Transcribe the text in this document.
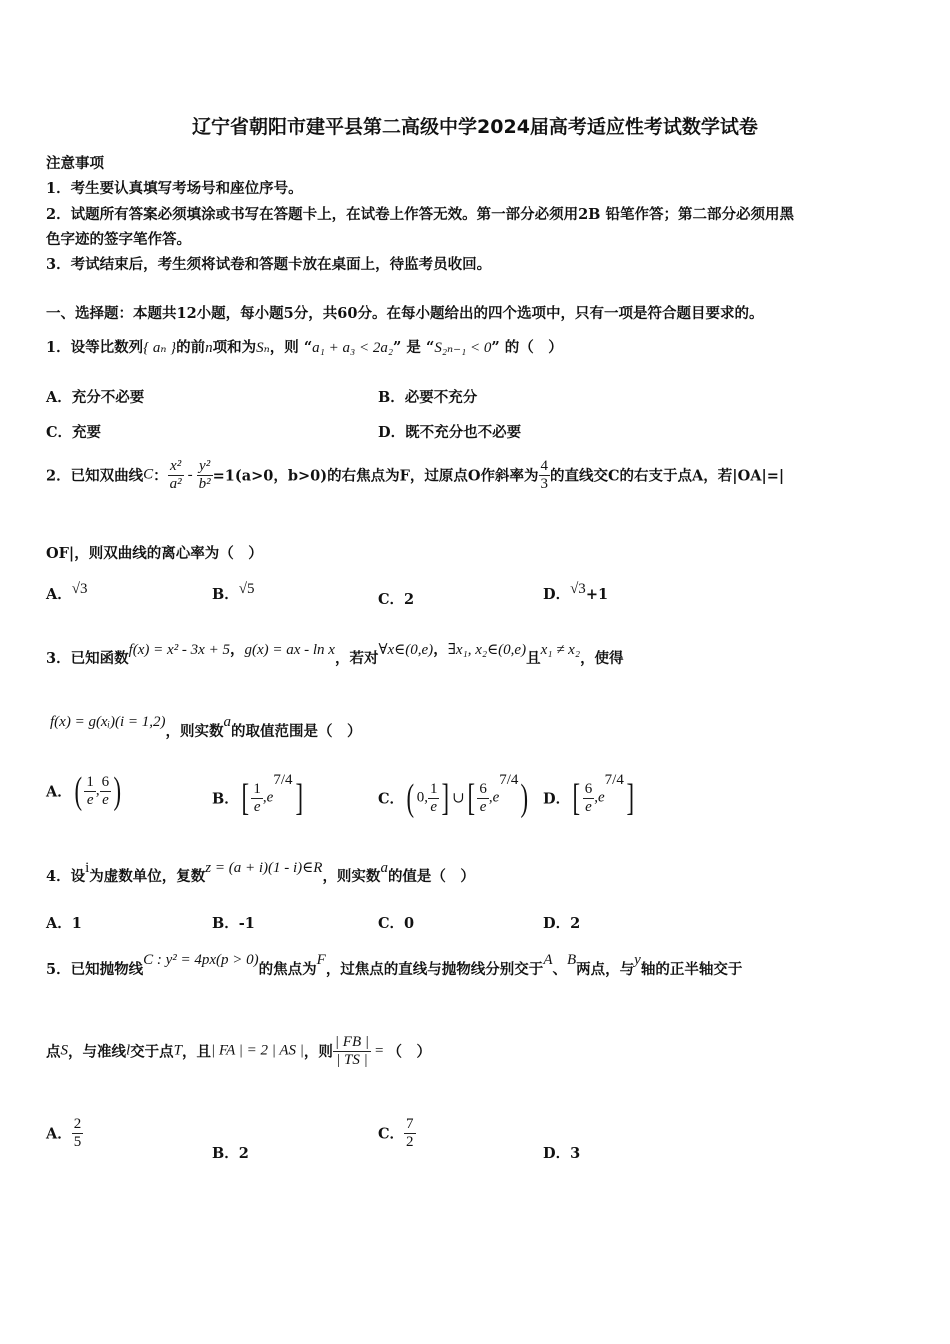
辽宁省朝阳市建平县第二高级中学2024届高考适应性考试数学试卷
注意事项
1．考生要认真填写考场号和座位序号。
2．试题所有答案必须填涂或书写在答题卡上，在试卷上作答无效。第一部分必须用2B 铅笔作答；第二部分必须用黑
色字迹的签字笔作答。
3．考试结束后，考生须将试卷和答题卡放在桌面上，待监考员收回。
一、选择题：本题共12小题，每小题5分，共60分。在每小题给出的四个选项中，只有一项是符合题目要求的。
1．设等比数列{ aₙ }的前n项和为Sₙ，则 “a₁ + a₃ < 2a₂” 是 “S₂ₙ₋₁ < 0” 的（　）
A．充分不必要	B．必要不充分
C．充要	D．既不充分也不必要
2．已知双曲线C： $\frac{\text{x²}}{\text{a²}} - \frac{\text{y²}}{\text{b²}} =1(a>0$，b>0)的右焦点为F，过原点O作斜率为 $\frac{4}{3}$ 的直线交C的右支于点A，若|OA|=|
OF|，则双曲线的离心率为（　）
A．√3	B．√5
C．2	D．√3+1
3．已知函数f(x) = x² - 3x + 5，g(x) = ax - ln x，若对∀x∈(0,e)，∃x₁, x₂∈(0,e)且x₁ ≠ x₂，使得
f(x) = g(xᵢ)(i = 1,2)，则实数a的取值范围是（　）
A．( $\frac{1}{e}$ , $\frac{6}{e}$ )	B．[ $\frac{1}{e} ,e^{7/4}$]	C．( 0, $\frac{1}{e}$ ] ∪[ $\frac{6}{e} ,e^{7/4}$) D．[ $\frac{6}{e} ,e^{7/4}$]
4．设i为虚数单位，复数z = (a + i)(1 - i)∈R，则实数a的值是（　）
A．1	B．-1	C．0	D．2
5．已知抛物线C : y² = 4px(p > 0)的焦点为F，过焦点的直线与抛物线分别交于A、B两点，与y轴的正半轴交于
点S，与准线l交于点T，且| FA | = 2 | AS |，则 $\frac{| FB |}{| TS |}$ = （　）
A． $\frac{2}{5}$
B．2
C． $\frac{7}{2}$
D．3
